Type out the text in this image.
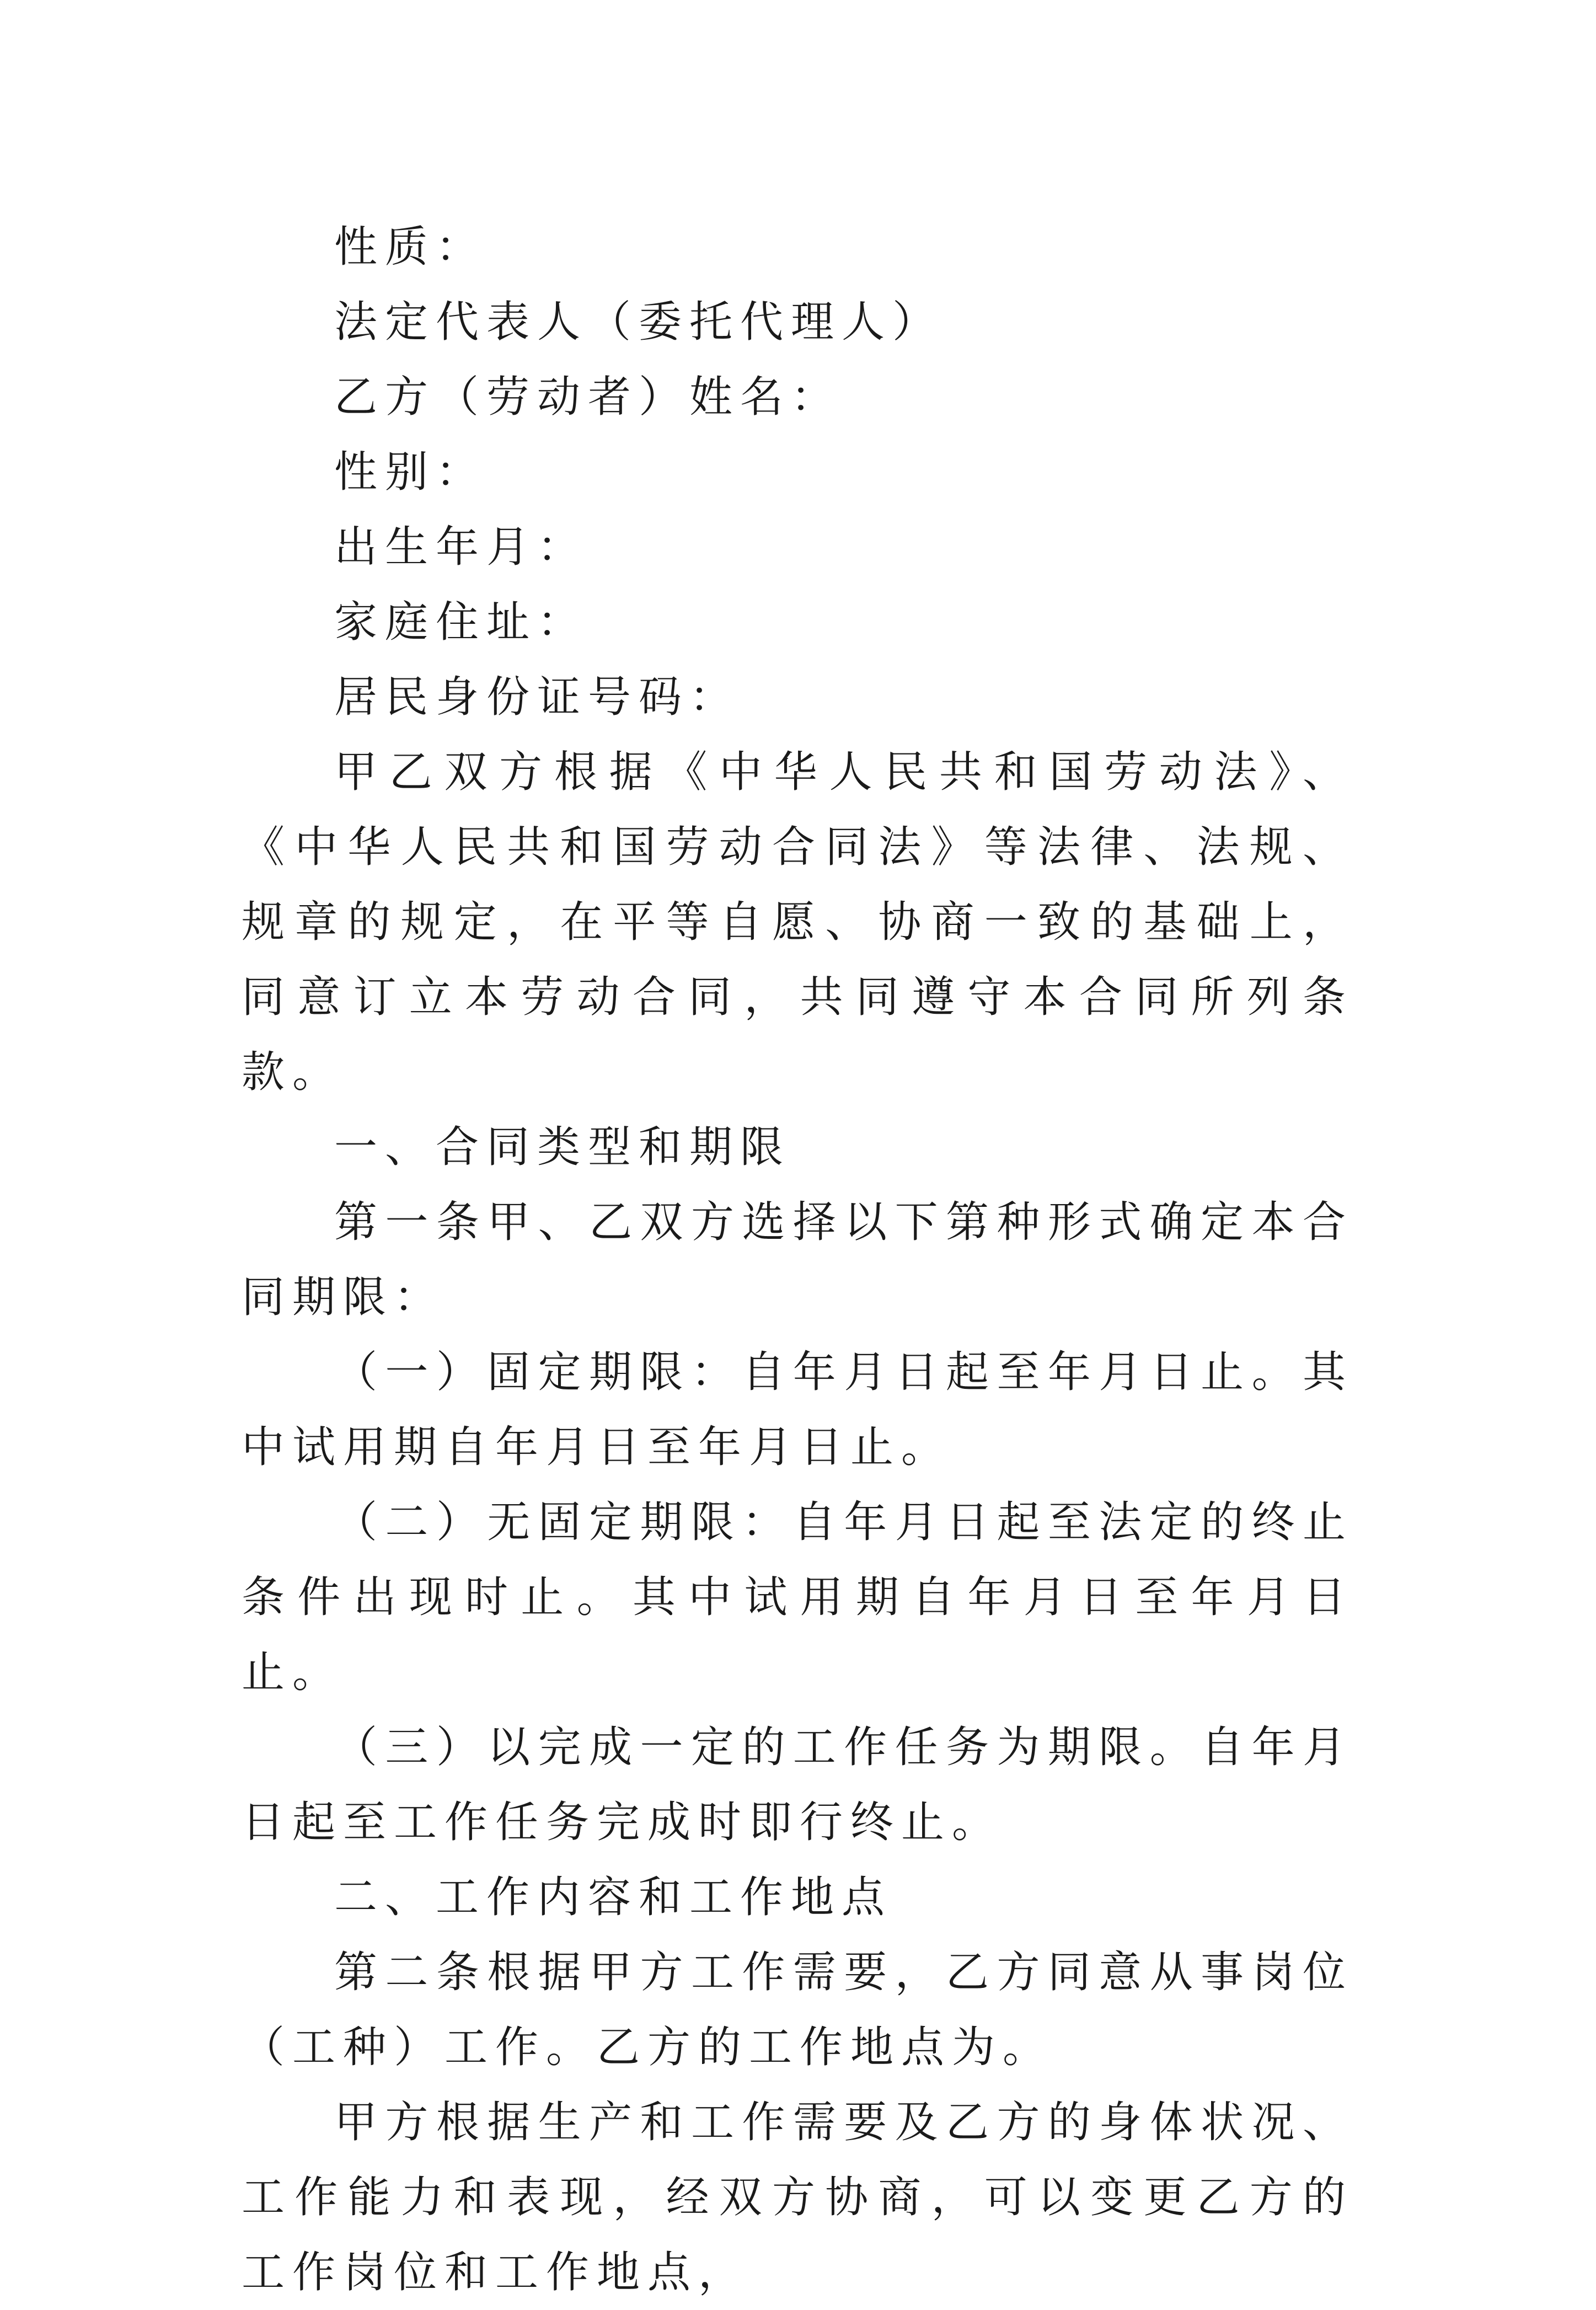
性质：

法定代表人（委托代理人）

乙方（劳动者）姓名：

性别：

出生年月：

家庭住址：

居民身份证号码：

甲乙双方根据《中华人民共和国劳动法》、《中华人民共和国劳动合同法》等法律、法规、规章的规定，在平等自愿、协商一致的基础上，同意订立本劳动合同，共同遵守本合同所列条款。

一、合同类型和期限

第一条甲、乙双方选择以下第种形式确定本合同期限：

（一）固定期限：自年月日起至年月日止。其中试用期自年月日至年月日止。

（二）无固定期限：自年月日起至法定的终止条件出现时止。其中试用期自年月日至年月日止。

（三）以完成一定的工作任务为期限。自年月日起至工作任务完成时即行终止。

二、工作内容和工作地点

第二条根据甲方工作需要，乙方同意从事岗位（工种）工作。乙方的工作地点为。

甲方根据生产和工作需要及乙方的身体状况、工作能力和表现，经双方协商，可以变更乙方的工作岗位和工作地点，
